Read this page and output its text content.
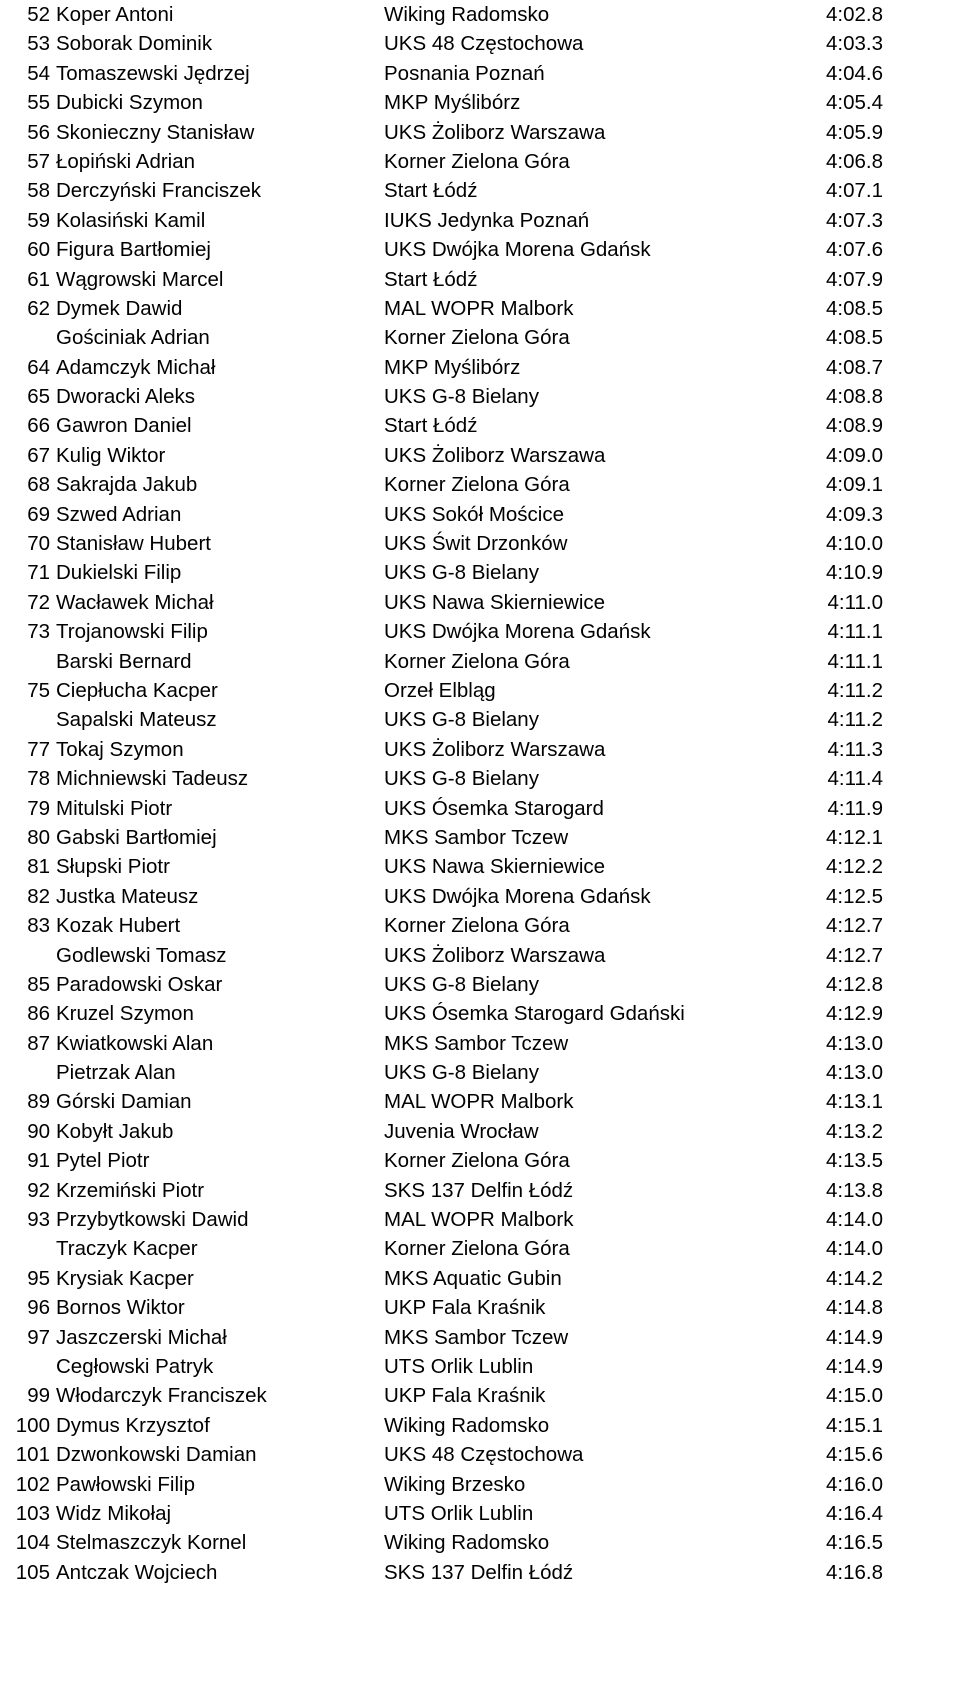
52 Koper Antoni	Wiking Radomsko	4:02.8
53 Soborak Dominik	UKS 48 Częstochowa	4:03.3
54 Tomaszewski Jędrzej	Posnania Poznań	4:04.6
55 Dubicki Szymon	MKP Myślibórz	4:05.4
56 Skonieczny Stanisław	UKS Żoliborz Warszawa	4:05.9
57 Łopiński Adrian	Korner Zielona Góra	4:06.8
58 Derczyński Franciszek	Start Łódź	4:07.1
59 Kolasiński Kamil	IUKS Jedynka Poznań	4:07.3
60 Figura Bartłomiej	UKS Dwójka Morena Gdańsk	4:07.6
61 Wągrowski Marcel	Start Łódź	4:07.9
62 Dymek Dawid	MAL WOPR Malbork	4:08.5
Gościniak Adrian	Korner Zielona Góra	4:08.5
64 Adamczyk Michał	MKP Myślibórz	4:08.7
65 Dworacki Aleks	UKS G-8 Bielany	4:08.8
66 Gawron Daniel	Start Łódź	4:08.9
67 Kulig Wiktor	UKS Żoliborz Warszawa	4:09.0
68 Sakrajda Jakub	Korner Zielona Góra	4:09.1
69 Szwed Adrian	UKS Sokół Mościce	4:09.3
70 Stanisław Hubert	UKS Świt Drzonków	4:10.0
71 Dukielski Filip	UKS G-8 Bielany	4:10.9
72 Wacławek Michał	UKS Nawa Skierniewice	4:11.0
73 Trojanowski Filip	UKS Dwójka Morena Gdańsk	4:11.1
Barski Bernard	Korner Zielona Góra	4:11.1
75 Ciepłucha Kacper	Orzeł Elbląg	4:11.2
Sapalski Mateusz	UKS G-8 Bielany	4:11.2
77 Tokaj Szymon	UKS Żoliborz Warszawa	4:11.3
78 Michniewski Tadeusz	UKS G-8 Bielany	4:11.4
79 Mitulski Piotr	UKS Ósemka Starogard	4:11.9
80 Gabski Bartłomiej	MKS Sambor Tczew	4:12.1
81 Słupski Piotr	UKS Nawa Skierniewice	4:12.2
82 Justka Mateusz	UKS Dwójka Morena Gdańsk	4:12.5
83 Kozak Hubert	Korner Zielona Góra	4:12.7
Godlewski Tomasz	UKS Żoliborz Warszawa	4:12.7
85 Paradowski Oskar	UKS G-8 Bielany	4:12.8
86 Kruzel Szymon	UKS Ósemka Starogard Gdański	4:12.9
87 Kwiatkowski Alan	MKS Sambor Tczew	4:13.0
Pietrzak Alan	UKS G-8 Bielany	4:13.0
89 Górski Damian	MAL WOPR Malbork	4:13.1
90 Kobyłt Jakub	Juvenia Wrocław	4:13.2
91 Pytel Piotr	Korner Zielona Góra	4:13.5
92 Krzemiński Piotr	SKS 137 Delfin Łódź	4:13.8
93 Przybytkowski Dawid	MAL WOPR Malbork	4:14.0
Traczyk Kacper	Korner Zielona Góra	4:14.0
95 Krysiak Kacper	MKS Aquatic Gubin	4:14.2
96 Bornos Wiktor	UKP Fala Kraśnik	4:14.8
97 Jaszczerski Michał	MKS Sambor Tczew	4:14.9
Cegłowski Patryk	UTS Orlik Lublin	4:14.9
99 Włodarczyk Franciszek	UKP Fala Kraśnik	4:15.0
100 Dymus Krzysztof	Wiking Radomsko	4:15.1
101 Dzwonkowski Damian	UKS 48 Częstochowa	4:15.6
102 Pawłowski Filip	Wiking Brzesko	4:16.0
103 Widz Mikołaj	UTS Orlik Lublin	4:16.4
104 Stelmaszczyk Kornel	Wiking Radomsko	4:16.5
105 Antczak Wojciech	SKS 137 Delfin Łódź	4:16.8
